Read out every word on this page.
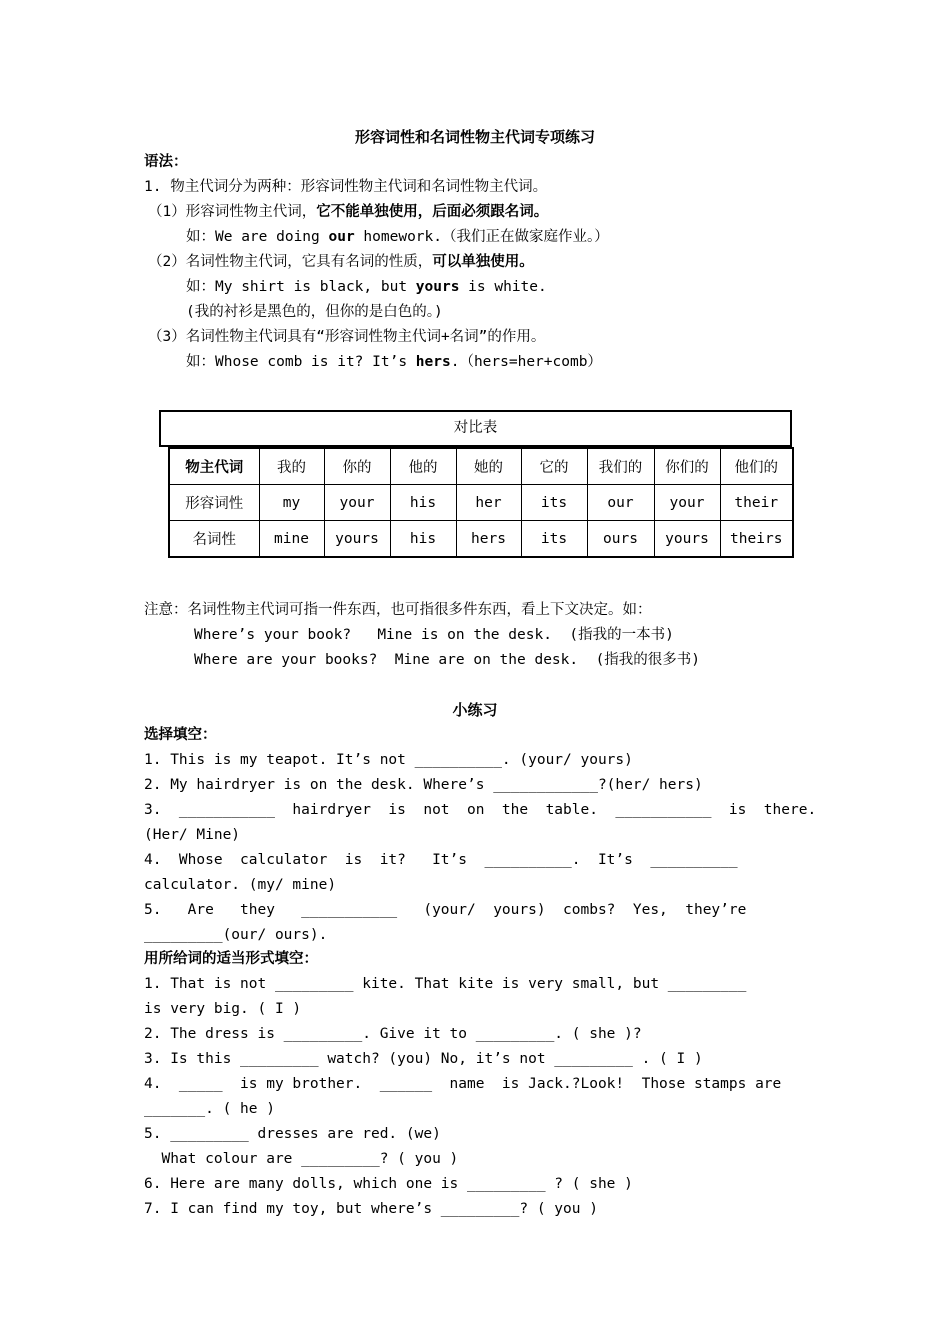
形容词性和名词性物主代词专项练习
语法：
1. 物主代词分为两种：形容词性物主代词和名词性物主代词。
（1）形容词性物主代词，它不能单独使用，后面必须跟名词。
如：We are doing our homework.（我们正在做家庭作业。）
（2）名词性物主代词，它具有名词的性质，可以单独使用。
如：My shirt is black, but yours is white.
(我的衬衫是黑色的，但你的是白色的。)
（3）名词性物主代词具有“形容词性物主代词+名词”的作用。
如：Whose comb is it? It’s hers.（hers=her+comb）
对比表
物主代词	我的	你的	他的	她的	它的	我们的	你们的	他们的
形容词性	my	your	his	her	its	our	your	their
名词性	mine	yours	his	hers	its	ours	yours	theirs
注意：名词性物主代词可指一件东西，也可指很多件东西，看上下文决定。如：
Where’s your book?   Mine is on the desk.  (指我的一本书)
Where are your books?  Mine are on the desk.  (指我的很多书)
小练习
选择填空：
1. This is my teapot. It’s not __________. (your/ yours)
2. My hairdryer is on the desk. Where’s ____________?(her/ hers)
3.  ___________  hairdryer  is  not  on  the  table.  ___________  is  there.
(Her/ Mine)
4.  Whose  calculator  is  it?   It’s  __________.  It’s  __________
calculator. (my/ mine)
5.   Are   they   ___________   (your/  yours)  combs?  Yes,  they’re
_________(our/ ours).
用所给词的适当形式填空：
1. That is not _________ kite. That kite is very small, but _________
is very big. ( I )
2. The dress is _________. Give it to _________. ( she )?
3. Is this _________ watch? (you) No, it’s not _________ . ( I )
4.  _____  is my brother.  ______  name  is Jack.?Look!  Those stamps are
_______. ( he )
5. _________ dresses are red. (we)
What colour are _________? ( you )
6. Here are many dolls, which one is _________ ? ( she )
7. I can find my toy, but where’s _________? ( you )
